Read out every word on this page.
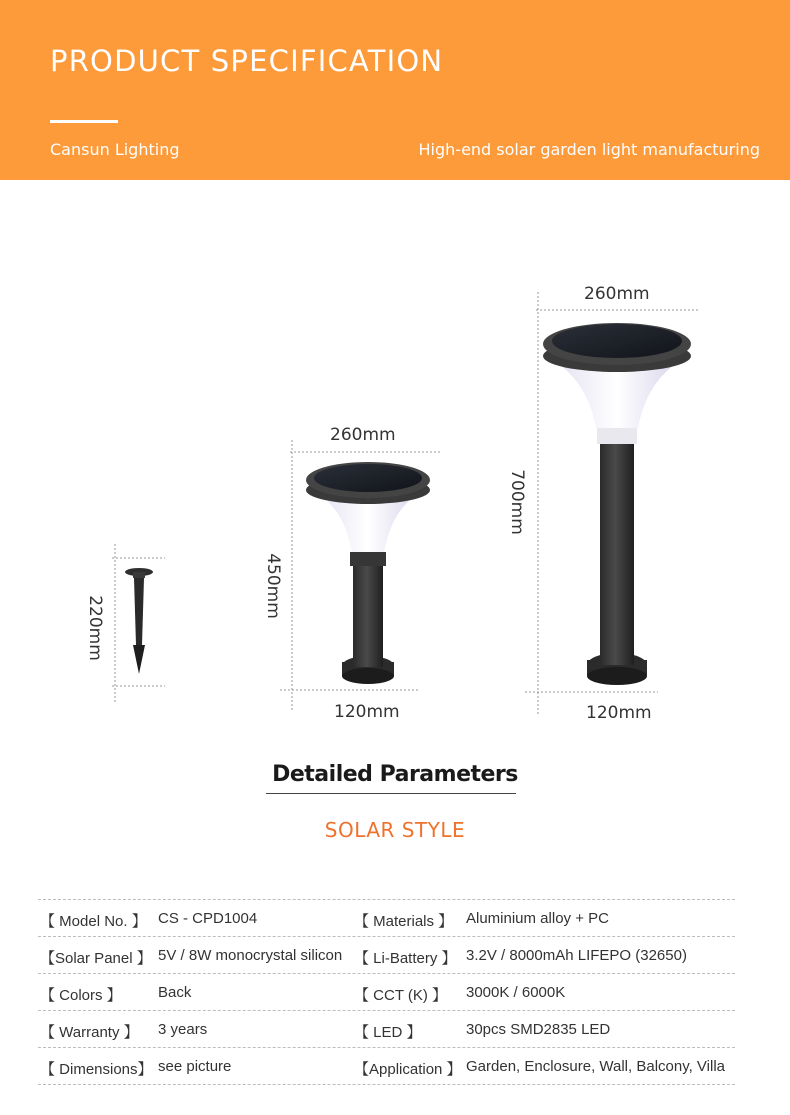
PRODUCT SPECIFICATION
Cansun Lighting	High-end solar garden light manufacturing
220mm
450mm
260mm
120mm
700mm
260mm
120mm
Detailed Parameters
SOLAR STYLE
【 Model No. 】 CS - CPD1004	【 Materials 】 Aluminium alloy + PC
【Solar Panel 】 5V / 8W monocrystal silicon 【 Li-Battery 】 3.2V / 8000mAh LIFEPO (32650)
【 Colors 】	Back	【 CCT (K) 】	3000K / 6000K
【 Warranty 】	3 years	【 LED 】	30pcs SMD2835 LED
【 Dimensions】 see picture	【Application 】 Garden, Enclosure, Wall, Balcony, Villa
